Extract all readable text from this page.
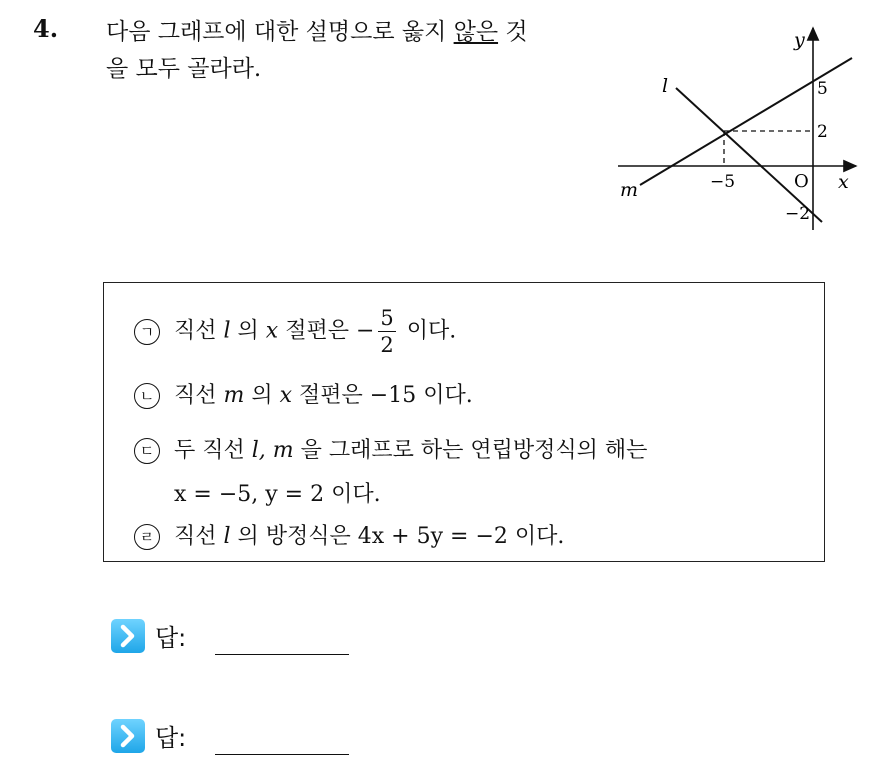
4. 다음 그래프에 대한 설명으로 옳지 않은 것
을 모두 골라라.
y
x
O
l
m	−5
5
2
−2
ㄱ 직선 l 의 x 절편은 − $\frac{5}{2}$ 이다.
ㄴ 직선 m 의 x 절편은 −15 이다.
ㄷ 두 직선 l, m 을 그래프로 하는 연립방정식의 해는
x = −5, y = 2 이다.
ㄹ 직선 l 의 방정식은 4x + 5y = −2 이다.
답:
답:
